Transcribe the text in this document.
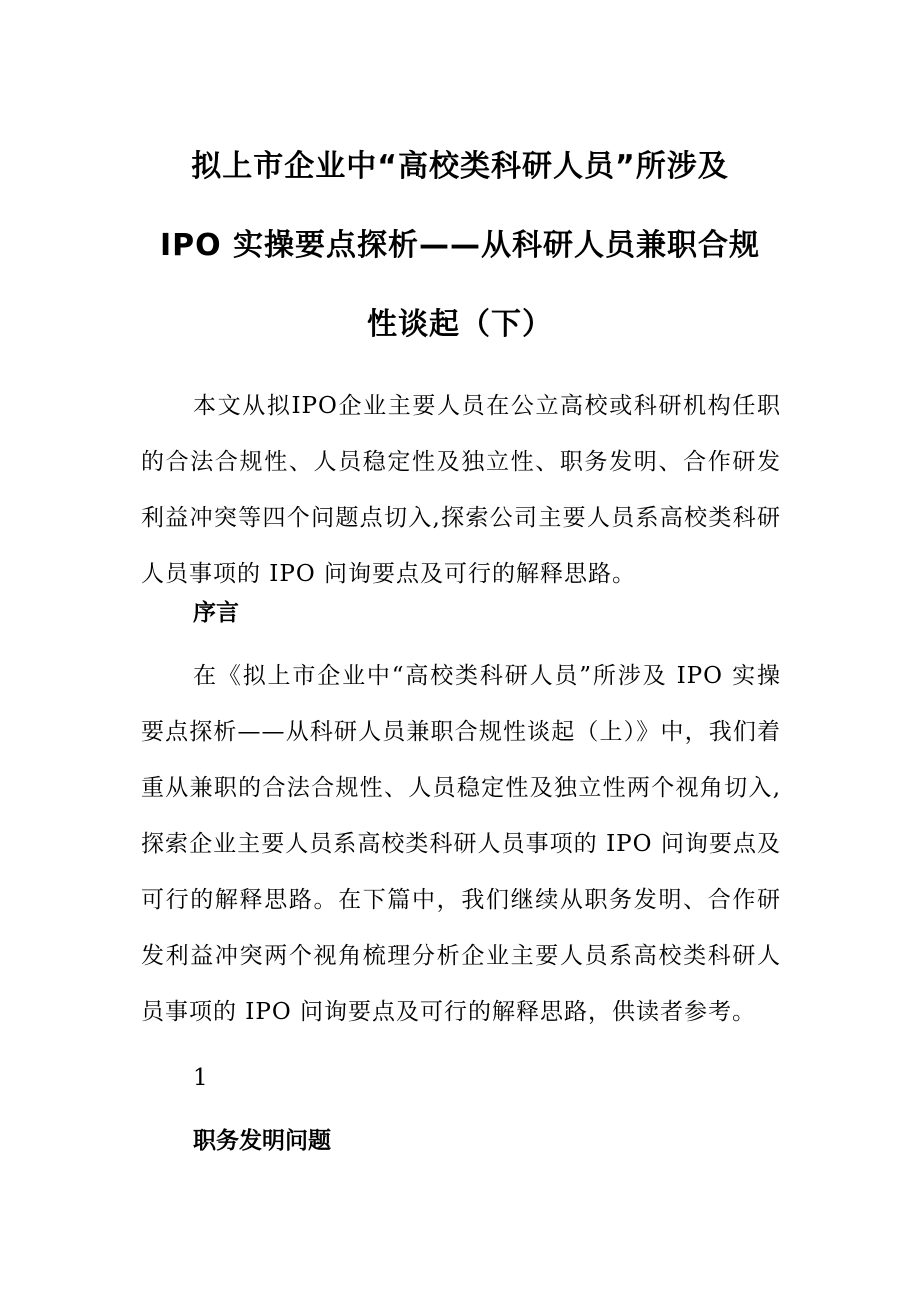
拟上市企业中“高校类科研人员”所涉及
IPO 实操要点探析——从科研人员兼职合规
性谈起（下）

本文从拟IPO企业主要人员在公立高校或科研机构任职的合法合规性、人员稳定性及独立性、职务发明、合作研发利益冲突等四个问题点切入,探索公司主要人员系高校类科研人员事项的 IPO 问询要点及可行的解释思路。

序言

在《拟上市企业中“高校类科研人员”所涉及 IPO 实操要点探析——从科研人员兼职合规性谈起（上）》中，我们着重从兼职的合法合规性、人员稳定性及独立性两个视角切入,探索企业主要人员系高校类科研人员事项的 IPO 问询要点及可行的解释思路。在下篇中，我们继续从职务发明、合作研发利益冲突两个视角梳理分析企业主要人员系高校类科研人员事项的 IPO 问询要点及可行的解释思路，供读者参考。

1
职务发明问题
